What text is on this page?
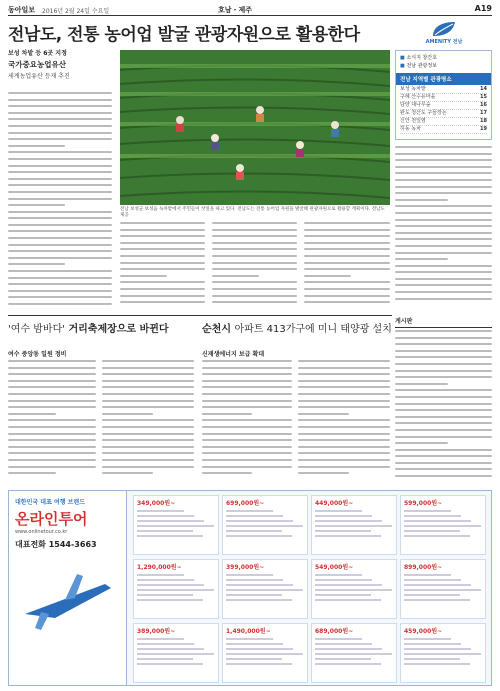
동아일보 2016년 2월 24일 수요일	호남・제주	A19
전남도, 전통 농어업 발굴 관광자원으로 활용한다	AMENITY 전남
보성 차밭 등 6곳 지정
국가중요농업유산
세계농업유산 등재 추진
전남 보성군 보성읍 녹차밭에서 주민들이 찻잎을 따고 있다. 전남도는 전통 농어업 자원을 발굴해 관광자원으로 활용할 계획이다. 전남도 제공
■ 소식지 창간호
■ 전남 관광정보
전남 지역별 관광명소
보성 녹차밭	14
구례 산수유마을	15
담양 대나무숲	16
완도 청산도 구들장논	17
신안 천일염	18
하동 녹차	19
'여수 밤바다' 거리축제장으로 바뀐다	순천시 아파트 413가구에 미니 태양광 설치
여수 중앙동 일원 정비	신재생에너지 보급 확대
게시판
대한민국 대표 여행 브랜드
온라인투어
www.onlinetour.co.kr
대표전화 1544-3663
349,000원~	699,000원~	449,000원~	599,000원~
1,290,000원~	399,000원~	549,000원~	899,000원~
389,000원~	1,490,000원~	689,000원~	459,000원~
